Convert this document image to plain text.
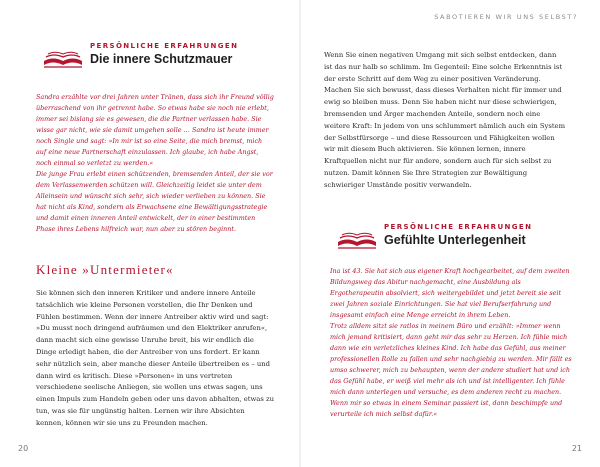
PERSÖNLICHE ERFAHRUNGEN
Die innere Schutzmauer

Sandra erzählte vor drei Jahren unter Tränen, dass sich ihr Freund völlig überraschend von ihr getrennt habe. So etwas habe sie noch nie erlebt, immer sei bislang sie es gewesen, die die Partner verlassen habe. Sie wisse gar nicht, wie sie damit umgehen solle … Sandra ist heute immer noch Single und sagt: »In mir ist so eine Seite, die mich bremst, mich auf eine neue Partnerschaft einzulassen. Ich glaube, ich habe Angst, noch einmal so verletzt zu werden.«

Die junge Frau erlebt einen schützenden, bremsenden Anteil, der sie vor dem Verlassenwerden schützen will. Gleichzeitig leidet sie unter dem Alleinsein und wünscht sich sehr, sich wieder verlieben zu können. Sie hat nicht als Kind, sondern als Erwachsene eine Bewältigungsstrategie und damit einen inneren Anteil entwickelt, der in einer bestimmten Phase ihres Lebens hilfreich war, nun aber zu stören beginnt.

Kleine »Untermieter«

Sie können sich den inneren Kritiker und andere innere Anteile tatsächlich wie kleine Personen vorstellen, die Ihr Denken und Fühlen bestimmen. Wenn der innere Antreiber aktiv wird und sagt: »Du musst noch dringend aufräumen und den Elektriker anrufen«, dann macht sich eine gewisse Unruhe breit, bis wir endlich die Dinge erledigt haben, die der Antreiber von uns fordert. Er kann sehr nützlich sein, aber manche dieser Anteile übertreiben es – und dann wird es kritisch. Diese »Personen« in uns vertreten verschiedene seelische Anliegen, sie wollen uns etwas sagen, uns einen Impuls zum Handeln geben oder uns davon abhalten, etwas zu tun, was sie für ungünstig halten. Lernen wir ihre Absichten kennen, können wir sie uns zu Freunden machen.

20
SABOTIEREN WIR UNS SELBST?

Wenn Sie einen negativen Umgang mit sich selbst entdecken, dann ist das nur halb so schlimm. Im Gegenteil: Eine solche Erkenntnis ist der erste Schritt auf dem Weg zu einer positiven Veränderung. Machen Sie sich bewusst, dass dieses Verhalten nicht für immer und ewig so bleiben muss. Denn Sie haben nicht nur diese schwierigen, bremsenden und Ärger machenden Anteile, sondern noch eine weitere Kraft: In jedem von uns schlummert nämlich auch ein System der Selbstfürsorge – und diese Ressourcen und Fähigkeiten wollen wir mit diesem Buch aktivieren. Sie können lernen, innere Kraftquellen nicht nur für andere, sondern auch für sich selbst zu nutzen. Damit können Sie Ihre Strategien zur Bewältigung schwieriger Umstände positiv verwandeln.

PERSÖNLICHE ERFAHRUNGEN
Gefühlte Unterlegenheit

Ina ist 43. Sie hat sich aus eigener Kraft hochgearbeitet, auf dem zweiten Bildungsweg das Abitur nachgemacht, eine Ausbildung als Ergotherapeutin absolviert, sich weitergebildet und jetzt bereit sie seit zwei Jahren soziale Einrichtungen. Sie hat viel Berufserfahrung und insgesamt einfach eine Menge erreicht in ihrem Leben.

Trotz alldem sitzt sie ratlos in meinem Büro und erzählt: »Immer wenn mich jemand kritisiert, dann geht mir das sehr zu Herzen. Ich fühle mich dann wie ein verletzliches kleines Kind. Ich habe das Gefühl, aus meiner professionellen Rolle zu fallen und sehr nachgiebig zu werden. Mir fällt es umso schwerer, mich zu behaupten, wenn der andere studiert hat und ich das Gefühl habe, er weiß viel mehr als ich und ist intelligenter. Ich fühle mich dann unterlegen und versuche, es dem anderen recht zu machen. Wenn mir so etwas in einem Seminar passiert ist, dann beschimpfe und verurteile ich mich selbst dafür.«

21
